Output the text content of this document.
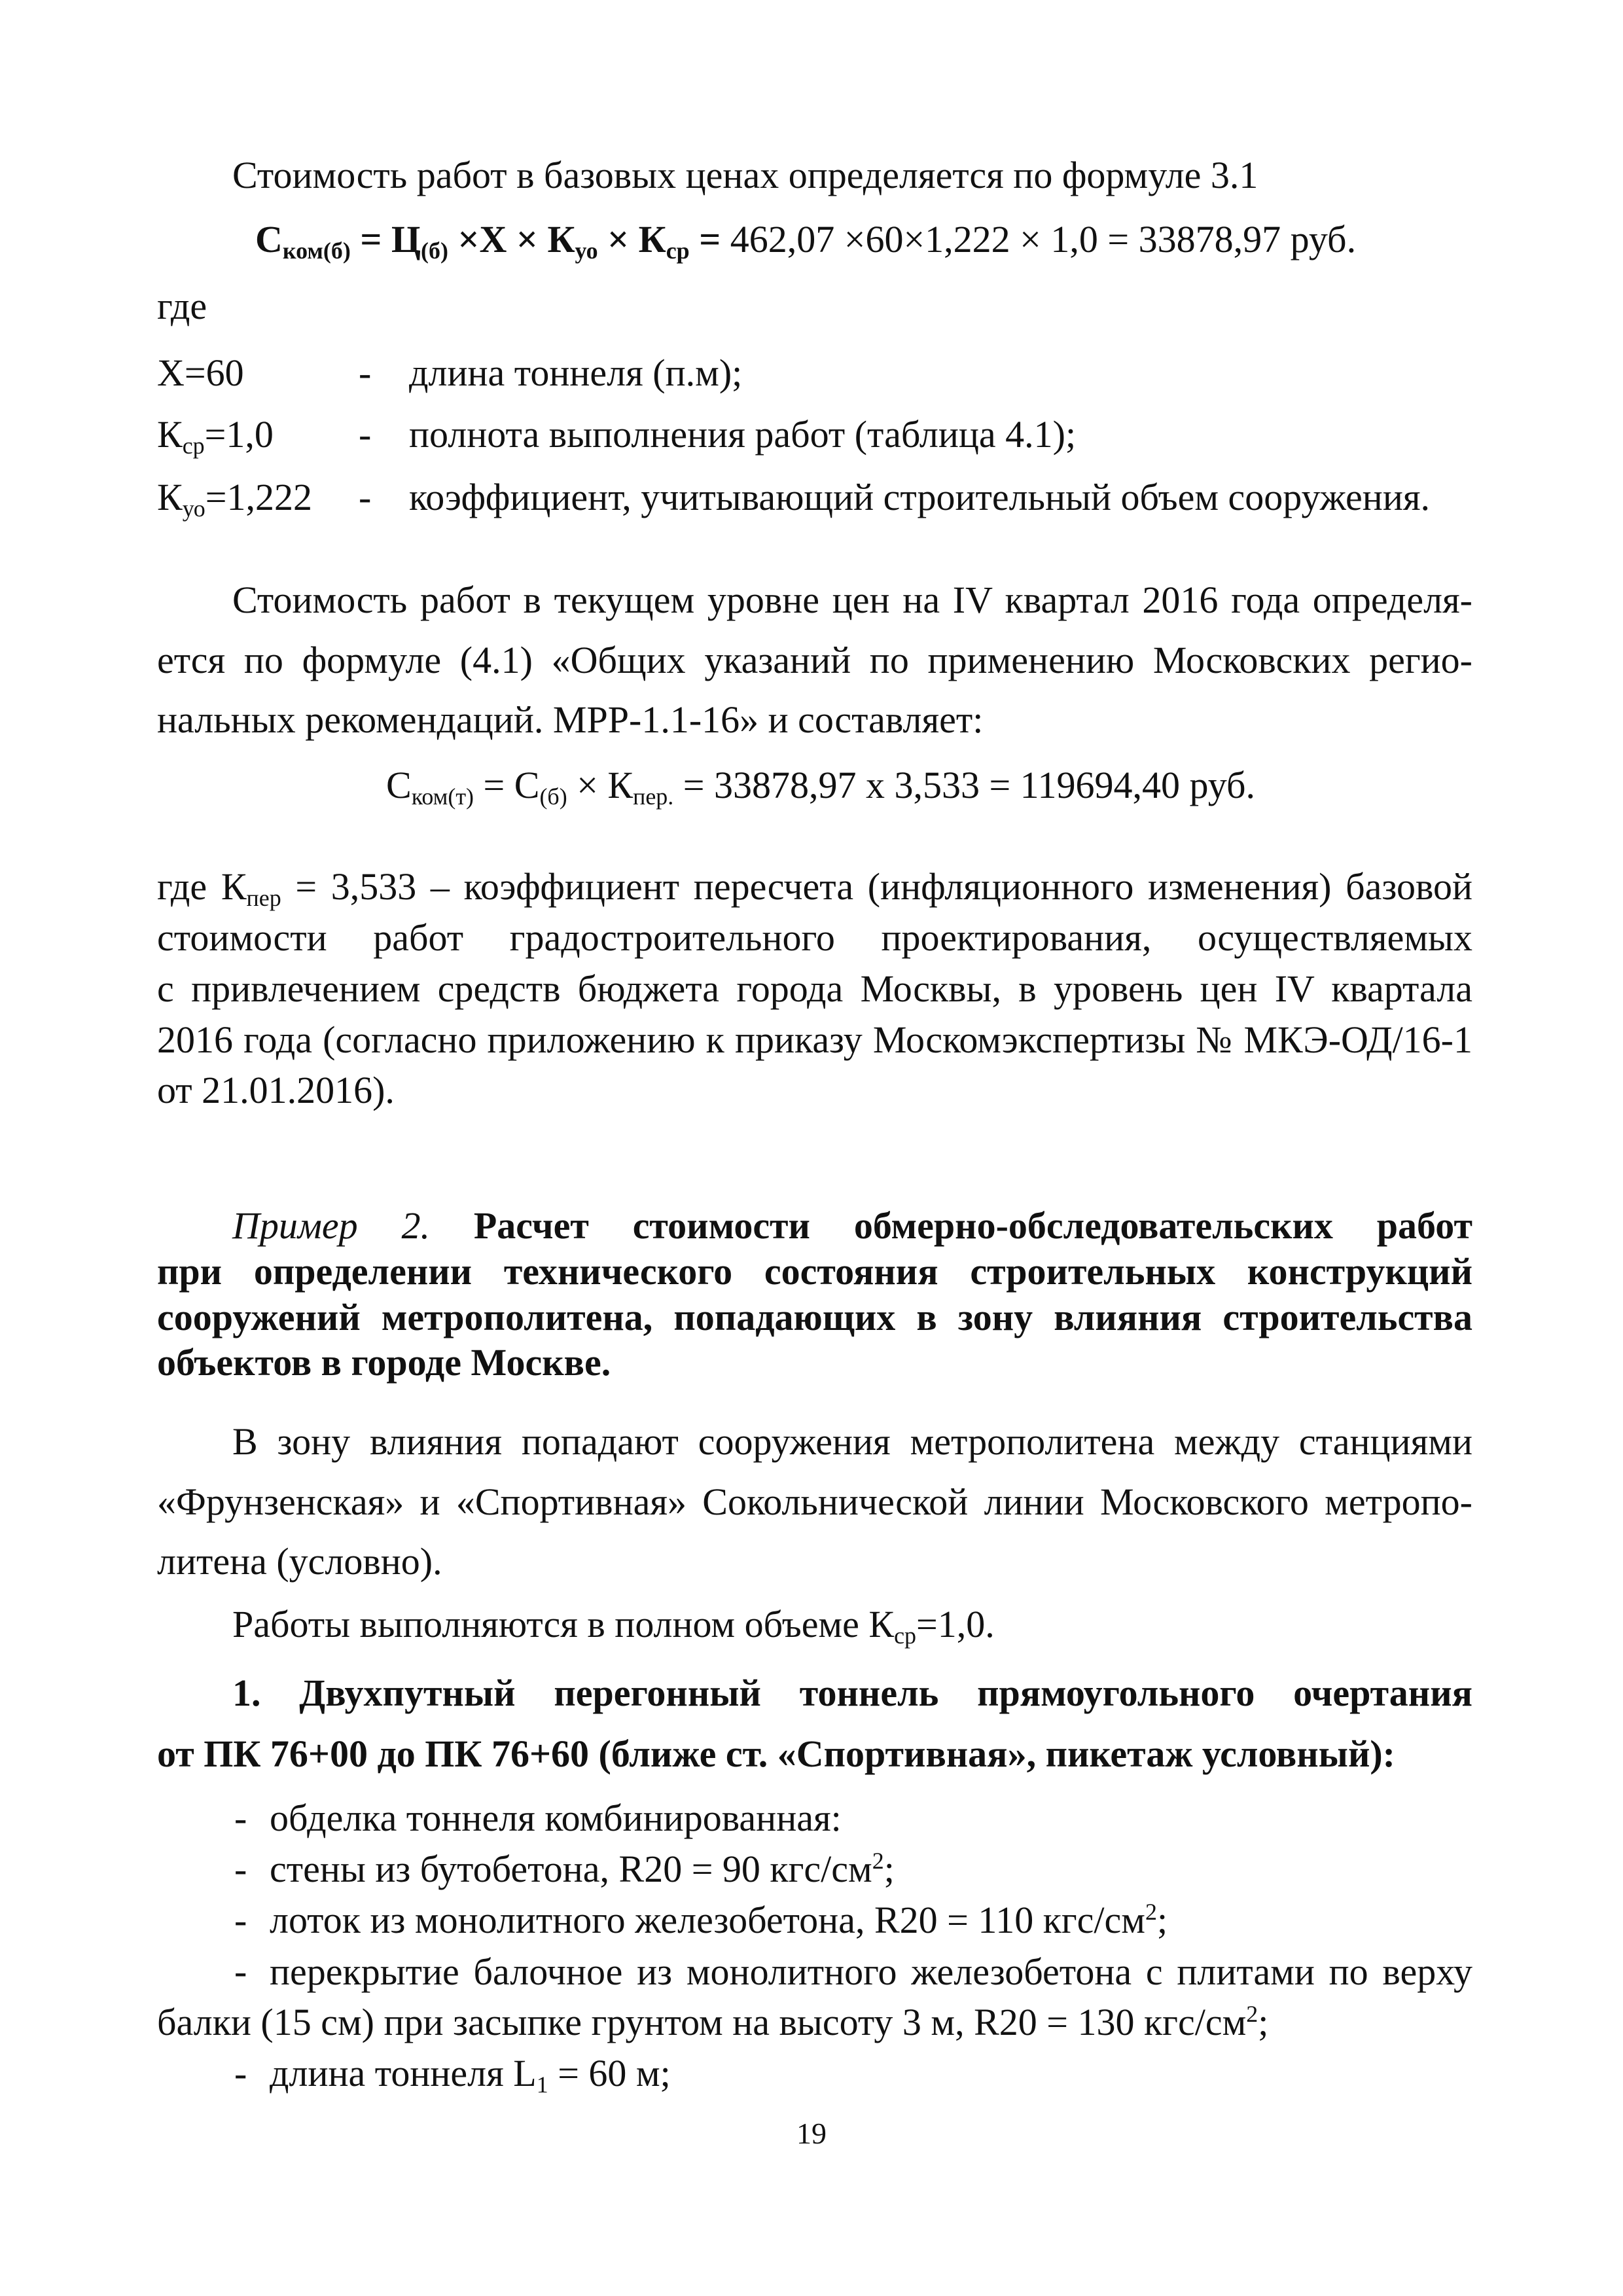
Стоимость работ в базовых ценах определяется по формуле 3.1
$С_{ком(б)} = Ц_{(б)} \times Х \times К_{уо} \times К_{ср} = 462,07 \times 60\times 1,222 \times 1,0 = 33878,97$ руб.
где
Х=60	- длина тоннеля (п.м);
$К_{ср}=1,0$ - полнота выполнения работ (таблица 4.1);
$К_{уо}=1,222$ - коэффициент, учитывающий строительный объем сооружения.
Стоимость работ в текущем уровне цен на IV квартал 2016 года определя-
ется по формуле (4.1) «Общих указаний по применению Московских регио-
нальных рекомендаций. МРР-1.1-16» и составляет:
$С_{ком(т)} = С_{(б)} \times К_{пер.} = 33878,97$ х 3,533 = 119694,40 руб.
где $К_{пер} = 3,533$ – коэффициент пересчета (инфляционного изменения) базовой
стоимости работ градостроительного проектирования, осуществляемых
с привлечением средств бюджета города Москвы, в уровень цен IV квартала
2016 года (согласно приложению к приказу Москомэкспертизы № МКЭ-ОД/16-1
от 21.01.2016).
Пример 2. Расчет стоимости обмерно-обследовательских работ
при определении технического состояния строительных конструкций
сооружений метрополитена, попадающих в зону влияния строительства
объектов в городе Москве.
В зону влияния попадают сооружения метрополитена между станциями
«Фрунзенская» и «Спортивная» Сокольнической линии Московского метропо-
литена (условно).
Работы выполняются в полном объеме $К_{ср}=1,0$.
1. Двухпутный перегонный тоннель прямоугольного очертания
от ПК 76+00 до ПК 76+60 (ближе ст. «Спортивная», пикетаж условный):
- обделка тоннеля комбинированная:
- стены из бутобетона, R20 = 90 кгс/$см^2$;
- лоток из монолитного железобетона, R20 = 110 кгс/$см^2$;
- перекрытие балочное из монолитного железобетона с плитами по верху
балки (15 см) при засыпке грунтом на высоту 3 м, R20 = 130 кгс/$см^2$;
- длина тоннеля $L_1 = 60$ м;
19
